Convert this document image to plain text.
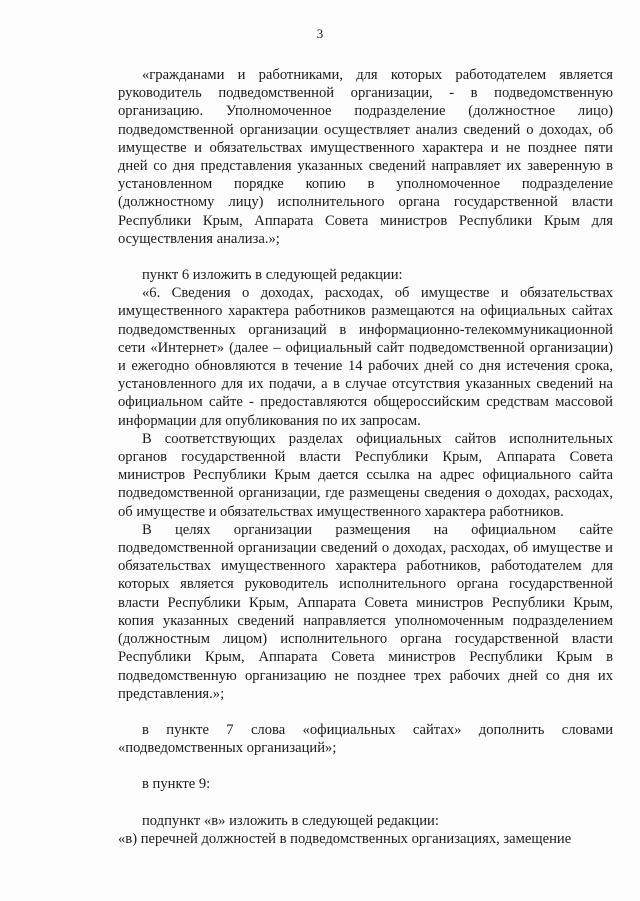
3

«гражданами и работниками, для которых работодателем является руководитель подведомственной организации, - в подведомственную организацию. Уполномоченное подразделение (должностное лицо) подведомственной организации осуществляет анализ сведений о доходах, об имуществе и обязательствах имущественного характера и не позднее пяти дней со дня представления указанных сведений направляет их заверенную в установленном порядке копию в уполномоченное подразделение (должностному лицу) исполнительного органа государственной власти Республики Крым, Аппарата Совета министров Республики Крым для осуществления анализа.»;

пункт 6 изложить в следующей редакции:

«6. Сведения о доходах, расходах, об имуществе и обязательствах имущественного характера работников размещаются на официальных сайтах подведомственных организаций в информационно-телекоммуникационной сети «Интернет» (далее – официальный сайт подведомственной организации) и ежегодно обновляются в течение 14 рабочих дней со дня истечения срока, установленного для их подачи, а в случае отсутствия указанных сведений на официальном сайте - предоставляются общероссийским средствам массовой информации для опубликования по их запросам.

В соответствующих разделах официальных сайтов исполнительных органов государственной власти Республики Крым, Аппарата Совета министров Республики Крым дается ссылка на адрес официального сайта подведомственной организации, где размещены сведения о доходах, расходах, об имуществе и обязательствах имущественного характера работников.

В целях организации размещения на официальном сайте подведомственной организации сведений о доходах, расходах, об имуществе и обязательствах имущественного характера работников, работодателем для которых является руководитель исполнительного органа государственной власти Республики Крым, Аппарата Совета министров Республики Крым, копия указанных сведений направляется уполномоченным подразделением (должностным лицом) исполнительного органа государственной власти Республики Крым, Аппарата Совета министров Республики Крым в подведомственную организацию не позднее трех рабочих дней со дня их представления.»;

в пункте 7 слова «официальных сайтах» дополнить словами «подведомственных организаций»;

в пункте 9:

подпункт «в» изложить в следующей редакции:

«в) перечней должностей в подведомственных организациях, замещение
